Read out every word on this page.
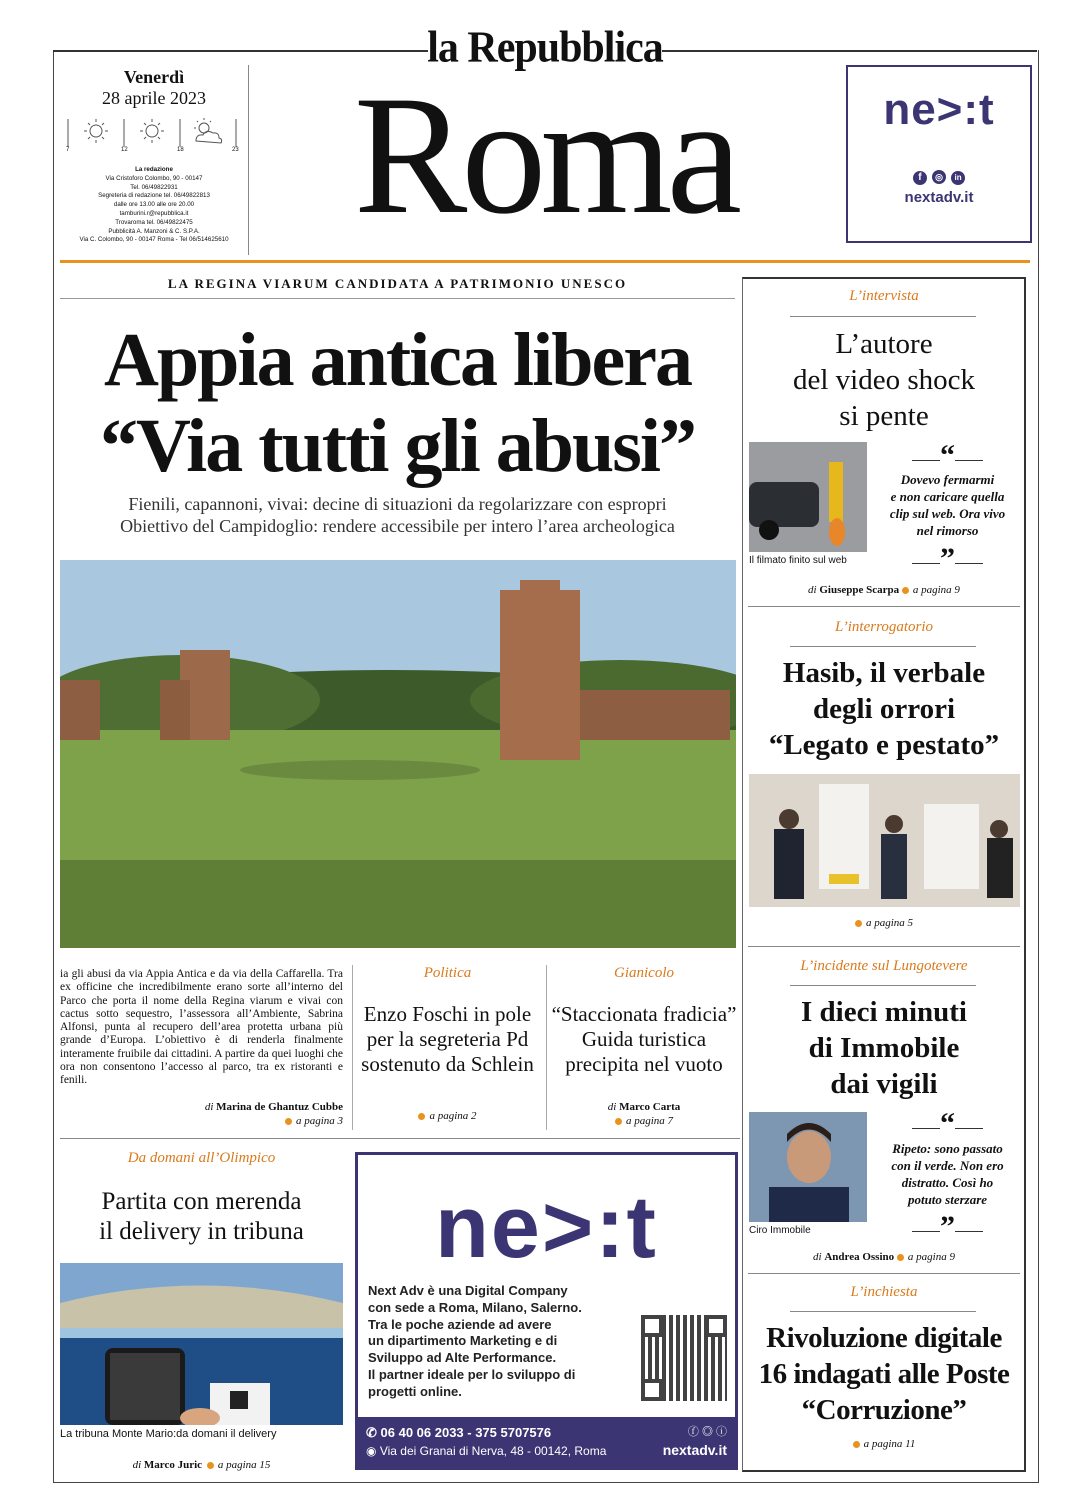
la Repubblica
Roma
Venerdì
28 aprile 2023
7	12	18	23
La redazione
Via Cristoforo Colombo, 90 - 00147
Tel. 06/49822931
Segreteria di redazione tel. 06/49822813
dalle ore 13.00 alle ore 20.00
tamburini.r@repubblica.it
Trovaroma tel. 06/49822475
Pubblicità A. Manzoni & C. S.P.A.
Via C. Colombo, 90 - 00147 Roma - Tel 06/514625610
ne>:t
f ◎ in
nextadv.it
LA REGINA VIARUM CANDIDATA A PATRIMONIO UNESCO
Appia antica libera
“Via tutti gli abusi”
Fienili, capannoni, vivai: decine di situazioni da regolarizzare con espropri
Obiettivo del Campidoglio: rendere accessibile per intero l’area archeologica
ia gli abusi da via Appia Antica e da via della Caffarella. Tra ex officine che incredibilmente erano sorte all’interno del Parco che porta il nome della Regina viarum e vivai con cactus sotto sequestro, l’assessora all’Ambiente, Sabrina Alfonsi, punta al recupero dell’area protetta urbana più grande d’Europa. L’obiettivo è di renderla finalmente interamente fruibile dai cittadini. A partire da quei luoghi che ora non consentono l’accesso al parco, tra ex ristoranti e fenili.
di Marina de Ghantuz Cubbe
a pagina 3
Politica
Enzo Foschi in pole per la segreteria Pd sostenuto da Schlein
a pagina 2
Gianicolo
“Staccionata fradicia” Guida turistica precipita nel vuoto
di Marco Carta
a pagina 7
Da domani all’Olimpico
Partita con merenda
il delivery in tribuna
La tribuna Monte Mario:da domani il delivery
di Marco Juric a pagina 15
ne>:t
Next Adv è una Digital Company
con sede a Roma, Milano, Salerno.
Tra le poche aziende ad avere
un dipartimento Marketing e di
Sviluppo ad Alte Performance.
Il partner ideale per lo sviluppo di
progetti online.
✆ 06 40 06 2033 - 375 5707576
◉ Via dei Granai di Nerva, 48 - 00142, Roma
ⓕ ◎ ⓘ
nextadv.it
L’intervista
L’autore
del video shock
si pente
Il filmato finito sul web
“
Dovevo fermarmi
e non caricare quella
clip sul web. Ora vivo
nel rimorso
”
di Giuseppe Scarpa a pagina 9
L’interrogatorio
Hasib, il verbale
degli orrori
“Legato e pestato”
a pagina 5
L’incidente sul Lungotevere
I dieci minuti
di Immobile
dai vigili
Ciro Immobile
“
Ripeto: sono passato
con il verde. Non ero
distratto. Così ho
potuto sterzare
”
di Andrea Ossino a pagina 9
L’inchiesta
Rivoluzione digitale
16 indagati alle Poste
“Corruzione”
a pagina 11
